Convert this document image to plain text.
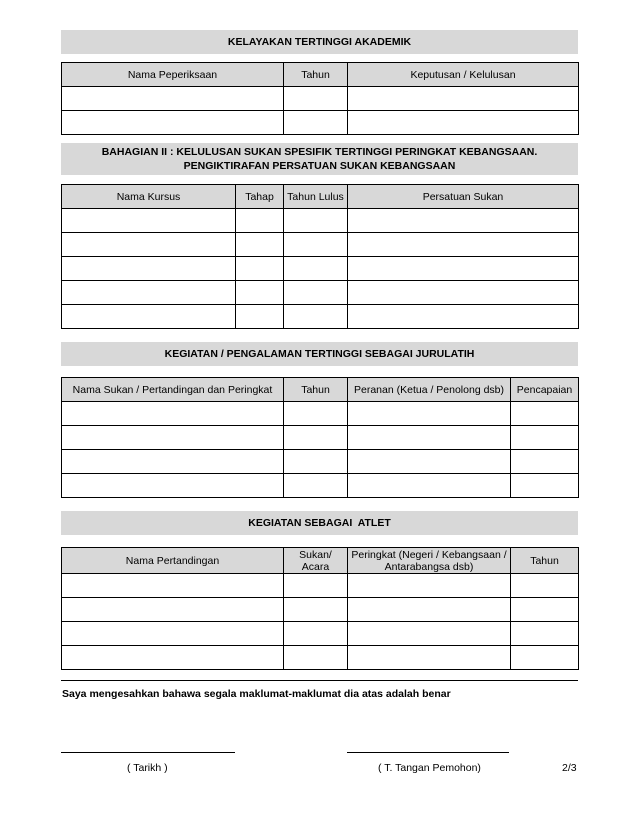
KELAYAKAN TERTINGGI AKADEMIK
Nama Peperiksaan	Tahun	Keputusan / Kelulusan

BAHAGIAN II : KELULUSAN SUKAN SPESIFIK TERTINGGI PERINGKAT KEBANGSAAN. PENGIKTIRAFAN PERSATUAN SUKAN KEBANGSAAN
Nama Kursus	Tahap	Tahun Lulus	Persatuan Sukan

KEGIATAN / PENGALAMAN TERTINGGI SEBAGAI JURULATIH
Nama Sukan / Pertandingan dan Peringkat	Tahun	Peranan (Ketua / Penolong dsb)	Pencapaian

KEGIATAN SEBAGAI  ATLET
Nama Pertandingan	Sukan/ Acara	Peringkat (Negeri / Kebangsaan / Antarabangsa dsb)	Tahun

Saya mengesahkan bahawa segala maklumat-maklumat dia atas adalah benar
( Tarikh )	( T. Tangan Pemohon)	2/3
